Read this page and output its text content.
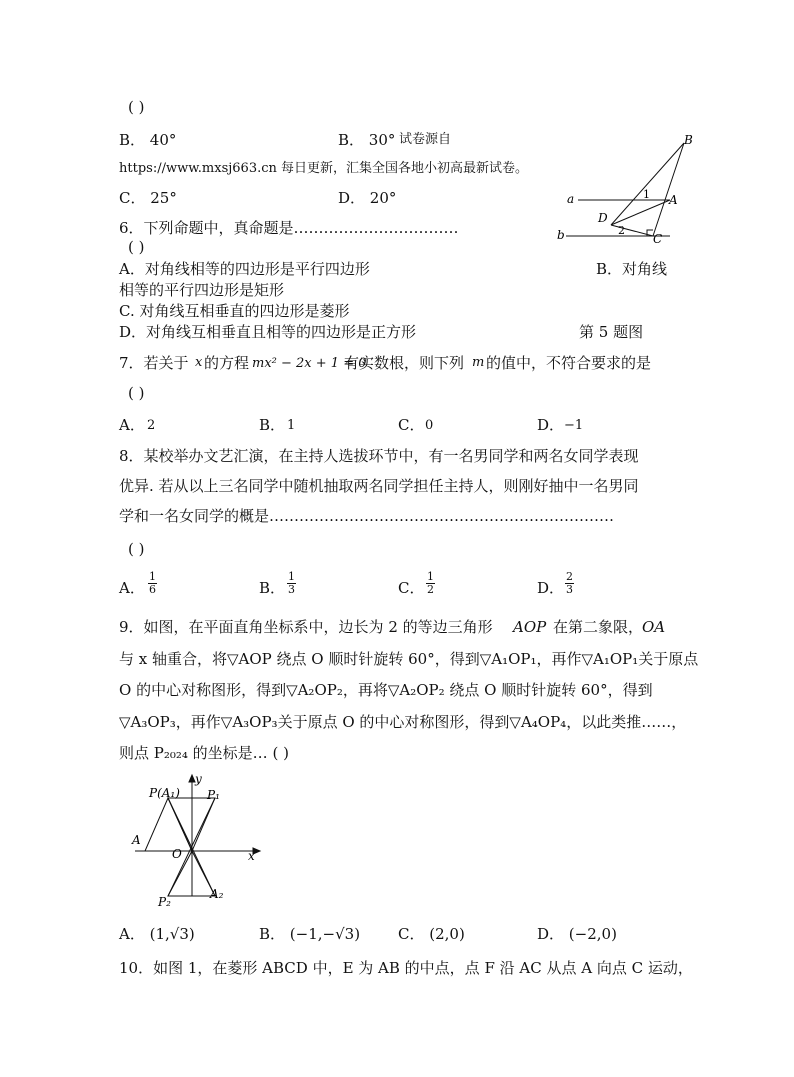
( )
B． 40°	B． 30° 试卷源自
https://www.mxsj663.cn 每日更新，汇集全国各地小初高最新试卷。
C． 25°	D． 20°
B
a	1 A
D
b	2
C
6．下列命题中，真命题是……………………………
( )
A．对角线相等的四边形是平行四边形	B．对角线
相等的平行四边形是矩形
C. 对角线互相垂直的四边形是菱形
D．对角线互相垂直且相等的四边形是正方形	第 5 题图
7．若关于 x 的方程 mx² − 2x + 1 = 0
有实数根，则下列 m 的值中，不符合要求的是
( )
A． 2	B． 1	C． 0	D． −1
8．某校举办文艺汇演，在主持人选拔环节中，有一名男同学和两名女同学表现
优异. 若从以上三名同学中随机抽取两名同学担任主持人，则刚好抽中一名男同
学和一名女同学的概是……………………………………………………………
( )
A． $\frac{1}{6}$	B． $\frac{1}{3}$	C． $\frac{1}{2}$	D． $\frac{2}{3}$
9．如图，在平面直角坐标系中，边长为 2 的等边三角形 AOP 在第二象限，
OA
与 x 轴重合，将▽AOP 绕点 O 顺时针旋转 60°，得到▽A₁OP₁，再作▽A₁OP₁关于原点
O 的中心对称图形，得到▽A₂OP₂，再将▽A₂OP₂ 绕点 O 顺时针旋转 60°，得到
▽A₃OP₃，再作▽A₃OP₃关于原点 O 的中心对称图形，得到▽A₄OP₄，以此类推……，
则点 P₂₀₂₄ 的坐标是… ( )
y
P(A₁) P₁
A
O	x
P₂
A₂
A． (1,√3)	B． (−1,−√3)	C． (2,0)	D． (−2,0)
10．如图 1，在菱形 ABCD 中，E 为 AB 的中点，点 F 沿 AC 从点 A 向点 C 运动，
